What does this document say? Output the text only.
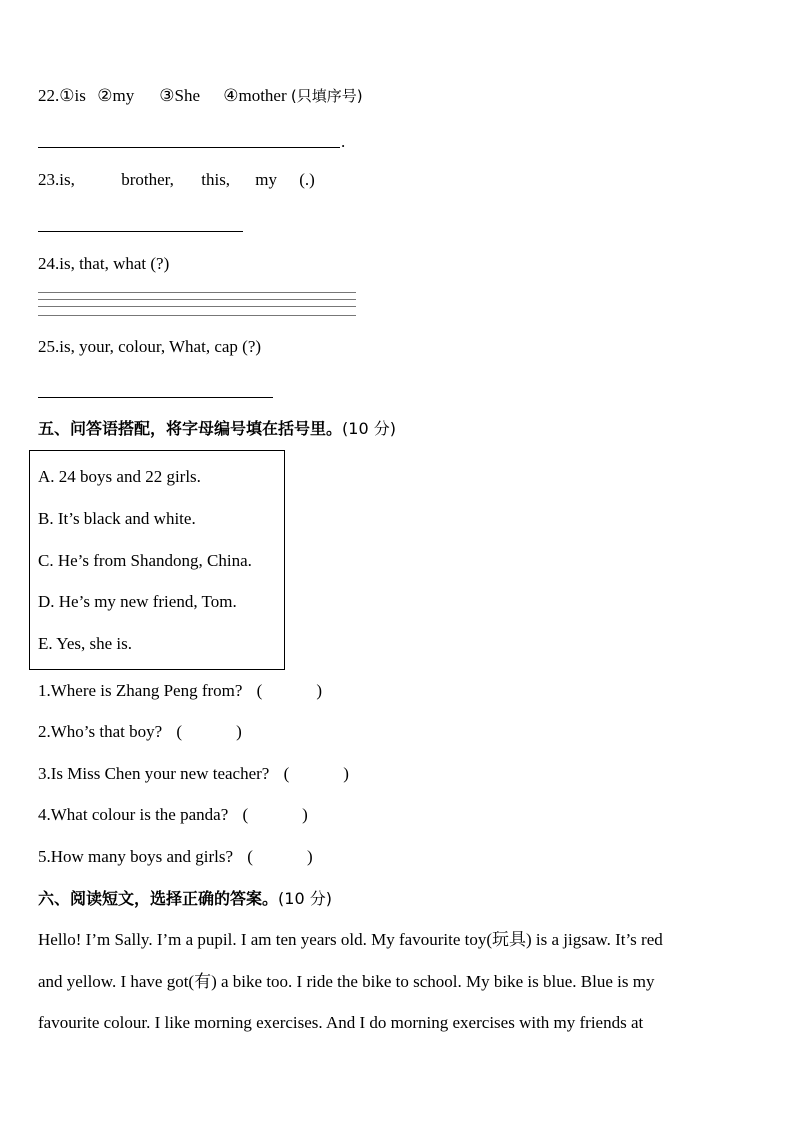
22.①is ②my ③She ④mother (只填序号)
.
23.is,	brother, this, my (.)
24.is, that, what (?)
25.is, your, colour, What, cap (?)
五、问答语搭配，将字母编号填在括号里。(10 分)
A. 24 boys and 22 girls.
B. It’s black and white.
C. He’s from Shandong, China.
D. He’s my new friend, Tom.
E. Yes, she is.
1.Where is Zhang Peng from? (	)
2.Who’s that boy? (	)
3.Is Miss Chen your new teacher? (	)
4.What colour is the panda? (	)
5.How many boys and girls? (	)
六、阅读短文，选择正确的答案。(10 分)
Hello! I’m Sally. I’m a pupil. I am ten years old. My favourite toy(玩具) is a jigsaw. It’s red
and yellow. I have got(有) a bike too. I ride the bike to school. My bike is blue. Blue is my
favourite colour. I like morning exercises. And I do morning exercises with my friends at
